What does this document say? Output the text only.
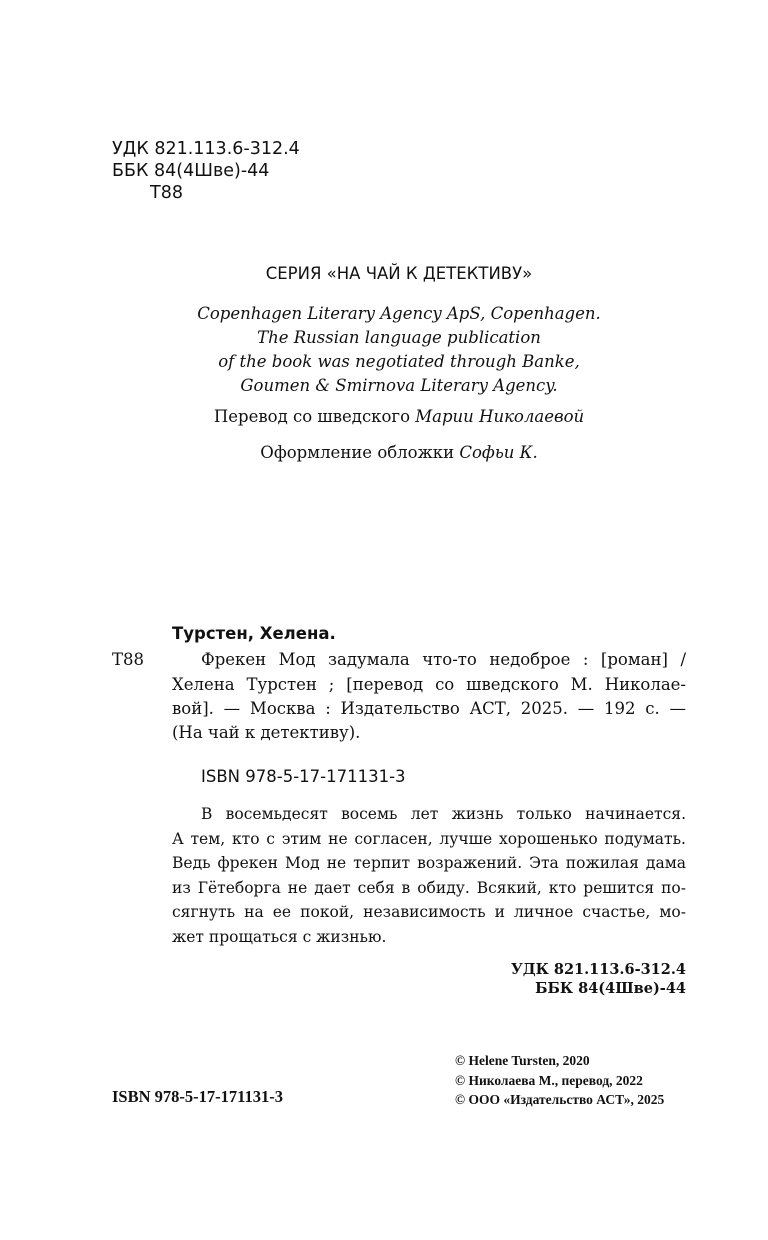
УДК 821.113.6-312.4
ББК 84(4Шве)-44
Т88
СЕРИЯ «НА ЧАЙ К ДЕТЕКТИВУ»
Copenhagen Literary Agency ApS, Copenhagen.
The Russian language publication
of the book was negotiated through Banke,
Goumen & Smirnova Literary Agency.
Перевод со шведского Марии Николаевой
Оформление обложки Софьи К.
Турстен, Хелена.
Т88	Фрекен Мод задумала что-то недоброе : [роман] /
Хелена Турстен ; [перевод со шведского М. Николае-
вой]. — Москва : Издательство АСТ, 2025. — 192 с. —
(На чай к детективу).
ISBN 978-5-17-171131-3
В восемьдесят восемь лет жизнь только начинается.
А тем, кто с этим не согласен, лучше хорошенько подумать.
Ведь фрекен Мод не терпит возражений. Эта пожилая дама
из Гётеборга не дает себя в обиду. Всякий, кто решится по-
сягнуть на ее покой, независимость и личное счастье, мо-
жет прощаться с жизнью.
УДК 821.113.6-312.4
ББК 84(4Шве)-44
ISBN 978-5-17-171131-3
© Helene Tursten, 2020
© Николаева М., перевод, 2022
© ООО «Издательство АСТ», 2025
